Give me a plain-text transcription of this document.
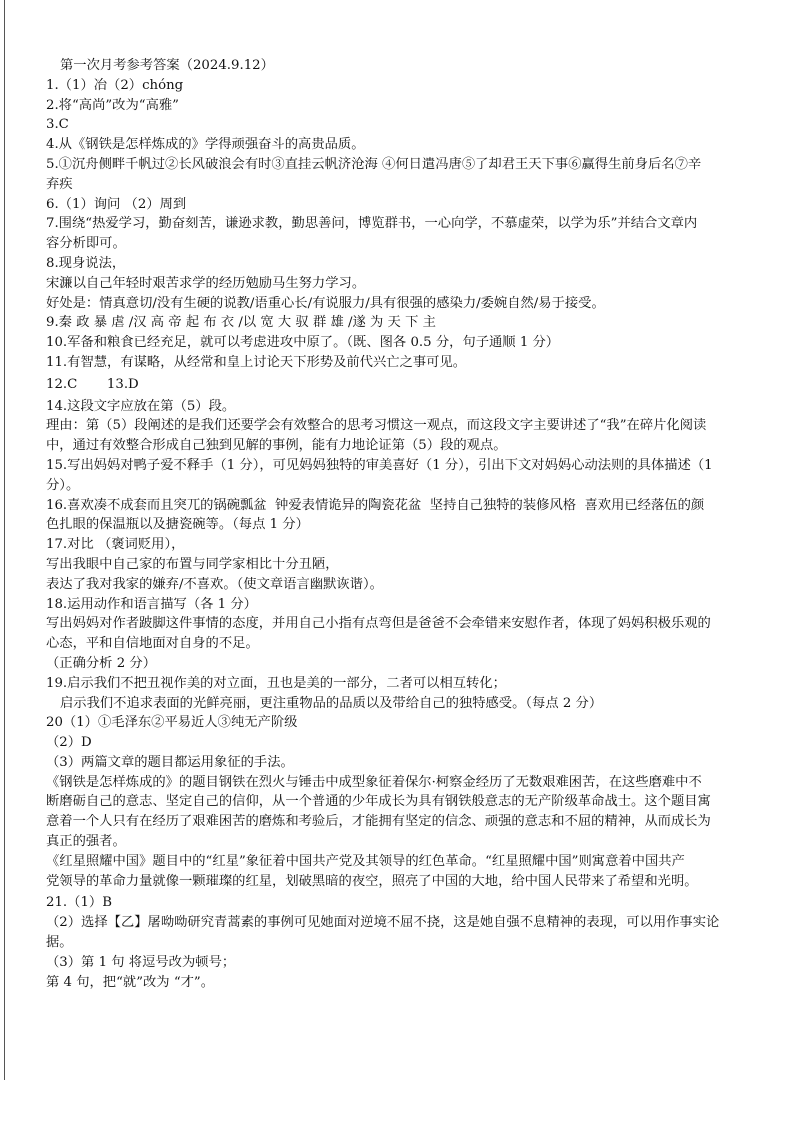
第一次月考参考答案（2024.9.12）

1.（1）冶（2）chóng

2.将“高尚”改为“高雅”

3.C

4.从《钢铁是怎样炼成的》学得顽强奋斗的高贵品质。

5.①沉舟侧畔千帆过②长风破浪会有时③直挂云帆济沧海 ④何日遣冯唐⑤了却君王天下事⑥赢得生前身后名⑦辛

弃疾

6.（1）询问 （2）周到

7.围绕“热爱学习，勤奋刻苦，谦逊求教，勤思善问，博览群书，一心向学，不慕虚荣，以学为乐”并结合文章内

容分析即可。

8.现身说法，

宋濂以自己年轻时艰苦求学的经历勉励马生努力学习。

好处是：情真意切/没有生硬的说教/语重心长/有说服力/具有很强的感染力/委婉自然/易于接受。

9.秦 政 暴 虐 /汉 高 帝 起 布 衣 /以 宽 大 驭 群 雄 /遂 为 天 下 主

10.军备和粮食已经充足，就可以考虑进攻中原了。（既、图各 0.5 分，句子通顺 1 分）

11.有智慧，有谋略，从经常和皇上讨论天下形势及前代兴亡之事可见。

12.C       13.D

14.这段文字应放在第（5）段。

理由：第（5）段阐述的是我们还要学会有效整合的思考习惯这一观点，而这段文字主要讲述了“我”在碎片化阅读

中，通过有效整合形成自己独到见解的事例，能有力地论证第（5）段的观点。

15.写出妈妈对鸭子爱不释手（1 分），可见妈妈独特的审美喜好（1 分），引出下文对妈妈心动法则的具体描述（1

分）。

16.喜欢凑不成套而且突兀的锅碗瓢盆  钟爱表情诡异的陶瓷花盆  坚持自己独特的装修风格  喜欢用已经落伍的颜

色扎眼的保温瓶以及搪瓷碗等。（每点 1 分）

17.对比 （褒词贬用），

写出我眼中自己家的布置与同学家相比十分丑陋，

表达了我对我家的嫌弃/不喜欢。（使文章语言幽默诙谐）。

18.运用动作和语言描写（各 1 分）

写出妈妈对作者跛脚这件事情的态度，并用自己小指有点弯但是爸爸不会牵错来安慰作者，体现了妈妈积极乐观的

心态，平和自信地面对自身的不足。

（正确分析 2 分）

19.启示我们不把丑视作美的对立面，丑也是美的一部分，二者可以相互转化；

启示我们不追求表面的光鲜亮丽，更注重物品的品质以及带给自己的独特感受。（每点 2 分）

20（1）①毛泽东②平易近人③纯无产阶级

（2）D

（3）两篇文章的题目都运用象征的手法。

《钢铁是怎样炼成的》的题目钢铁在烈火与锤击中成型象征着保尔·柯察金经历了无数艰难困苦，在这些磨难中不

断磨砺自己的意志、坚定自己的信仰，从一个普通的少年成长为具有钢铁般意志的无产阶级革命战士。这个题目寓

意着一个人只有在经历了艰难困苦的磨炼和考验后，才能拥有坚定的信念、顽强的意志和不屈的精神，从而成长为

真正的强者。

《红星照耀中国》题目中的“红星”象征着中国共产党及其领导的红色革命。“红星照耀中国”则寓意着中国共产

党领导的革命力量就像一颗璀璨的红星，划破黑暗的夜空，照亮了中国的大地，给中国人民带来了希望和光明。

21.（1）B

（2）选择【乙】屠呦呦研究青蒿素的事例可见她面对逆境不屈不挠，这是她自强不息精神的表现，可以用作事实论

据。

（3）第 1 句 将逗号改为顿号；

第 4 句，把“就”改为 “才”。
